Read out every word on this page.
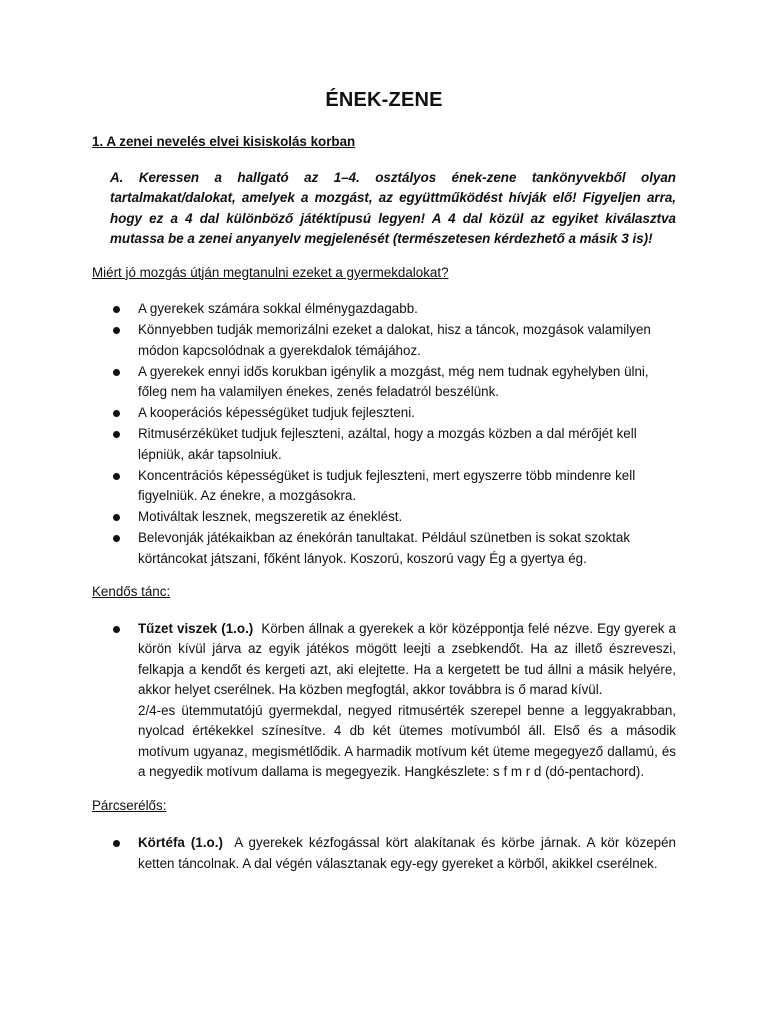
ÉNEK-ZENE
1. A zenei nevelés elvei kisiskolás korban
A. Keressen a hallgató az 1–4. osztályos ének-zene tankönyvekből olyan tartalmakat/dalokat, amelyek a mozgást, az együttműködést hívják elő! Figyeljen arra, hogy ez a 4 dal különböző játéktípusú legyen! A 4 dal közül az egyiket kiválasztva mutassa be a zenei anyanyelv megjelenését (természetesen kérdezhető a másik 3 is)!
Miért jó mozgás útján megtanulni ezeket a gyermekdalokat?
A gyerekek számára sokkal élménygazdagabb.
Könnyebben tudják memorizálni ezeket a dalokat, hisz a táncok, mozgások valamilyen módon kapcsolódnak a gyerekdalok témájához.
A gyerekek ennyi idős korukban igénylik a mozgást, még nem tudnak egyhelyben ülni, főleg nem ha valamilyen énekes, zenés feladatról beszélünk.
A kooperációs képességüket tudjuk fejleszteni.
Ritmusérzéküket tudjuk fejleszteni, azáltal, hogy a mozgás közben a dal mérőjét kell lépniük, akár tapsolniuk.
Koncentrációs képességüket is tudjuk fejleszteni, mert egyszerre több mindenre kell figyelniük. Az énekre, a mozgásokra.
Motiváltak lesznek, megszeretik az éneklést.
Belevonják játékaikban az énekórán tanultakat. Például szünetben is sokat szoktak körtáncokat játszani, főként lányok. Koszorú, koszorú vagy Ég a gyertya ég.
Kendős tánc:
Tűzet viszek (1.o.) Körben állnak a gyerekek a kör középpontja felé nézve. Egy gyerek a körön kívül járva az egyik játékos mögött leejti a zsebkendőt. Ha az illető észreveszi, felkapja a kendőt és kergeti azt, aki elejtette. Ha a kergetett be tud állni a másik helyére, akkor helyet cserélnek. Ha közben megfogtál, akkor továbbra is ő marad kívül.
2/4-es ütemmutatójú gyermekdal, negyed ritmusérték szerepel benne a leggyakrabban, nyolcad értékekkel színesítve. 4 db két ütemes motívumból áll. Első és a második motívum ugyanaz, megismétlődik. A harmadik motívum két üteme megegyező dallamú, és a negyedik motívum dallama is megegyezik. Hangkészlete: s f m r d (dó-pentachord).
Párcserélős:
Körtéfa (1.o.) A gyerekek kézfogással kört alakítanak és körbe járnak. A kör közepén ketten táncolnak. A dal végén választanak egy-egy gyereket a körből, akikkel cserélnek.
